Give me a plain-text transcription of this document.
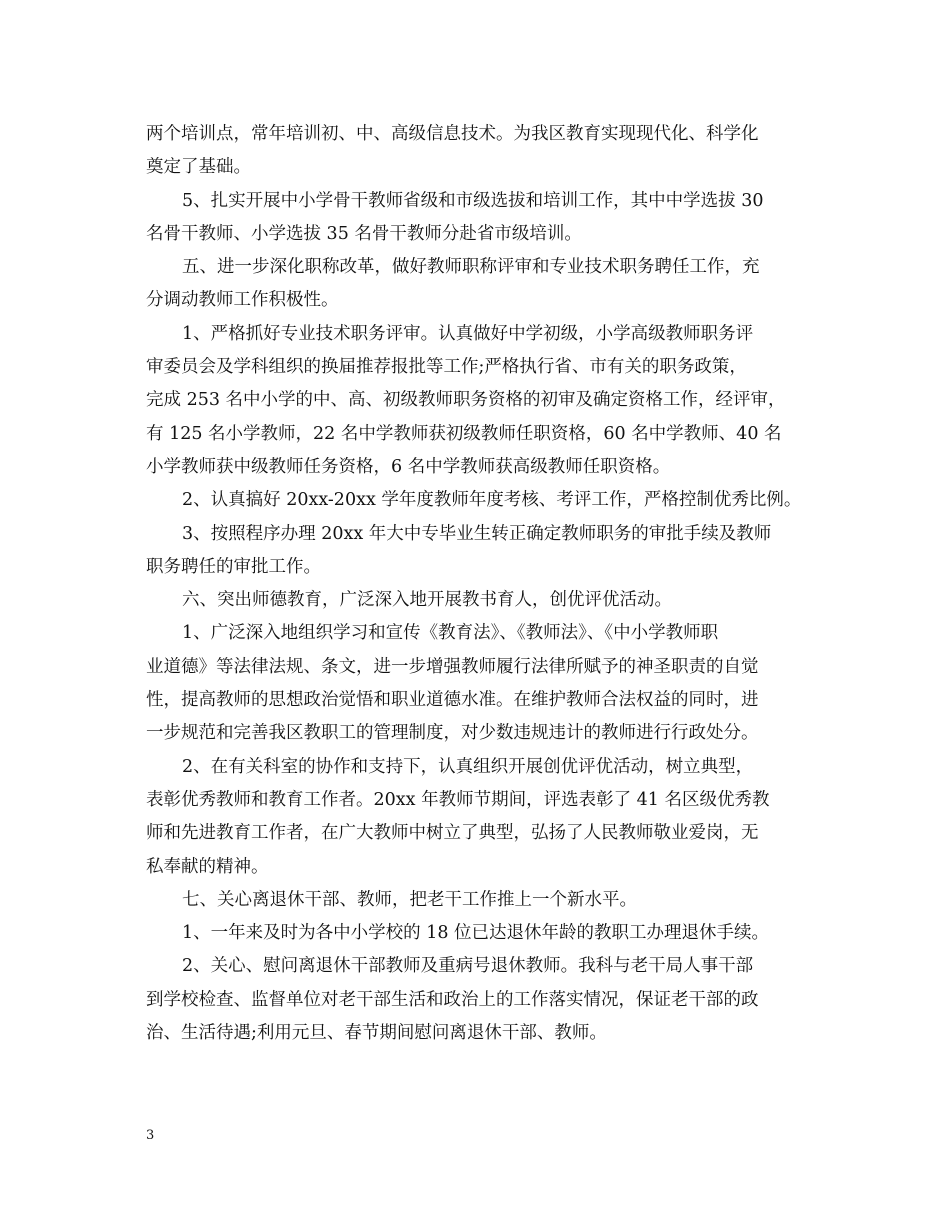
两个培训点，常年培训初、中、高级信息技术。为我区教育实现现代化、科学化
奠定了基础。
5、扎实开展中小学骨干教师省级和市级选拔和培训工作，其中中学选拔 30
名骨干教师、小学选拔 35 名骨干教师分赴省市级培训。
五、进一步深化职称改革，做好教师职称评审和专业技术职务聘任工作，充
分调动教师工作积极性。
1、严格抓好专业技术职务评审。认真做好中学初级，小学高级教师职务评
审委员会及学科组织的换届推荐报批等工作;严格执行省、市有关的职务政策，
完成 253 名中小学的中、高、初级教师职务资格的初审及确定资格工作，经评审，
有 125 名小学教师，22 名中学教师获初级教师任职资格，60 名中学教师、40 名
小学教师获中级教师任务资格，6 名中学教师获高级教师任职资格。
2、认真搞好 20xx-20xx 学年度教师年度考核、考评工作，严格控制优秀比例。
3、按照程序办理 20xx 年大中专毕业生转正确定教师职务的审批手续及教师
职务聘任的审批工作。
六、突出师德教育，广泛深入地开展教书育人，创优评优活动。
1、广泛深入地组织学习和宣传《教育法》、《教师法》、《中小学教师职
业道德》等法律法规、条文，进一步增强教师履行法律所赋予的神圣职责的自觉
性，提高教师的思想政治觉悟和职业道德水准。在维护教师合法权益的同时，进
一步规范和完善我区教职工的管理制度，对少数违规违计的教师进行行政处分。
2、在有关科室的协作和支持下，认真组织开展创优评优活动，树立典型，
表彰优秀教师和教育工作者。20xx 年教师节期间，评选表彰了 41 名区级优秀教
师和先进教育工作者，在广大教师中树立了典型，弘扬了人民教师敬业爱岗，无
私奉献的精神。
七、关心离退休干部、教师，把老干工作推上一个新水平。
1、一年来及时为各中小学校的 18 位已达退休年龄的教职工办理退休手续。
2、关心、慰问离退休干部教师及重病号退休教师。我科与老干局人事干部
到学校检查、监督单位对老干部生活和政治上的工作落实情况，保证老干部的政
治、生活待遇;利用元旦、春节期间慰问离退休干部、教师。
3
